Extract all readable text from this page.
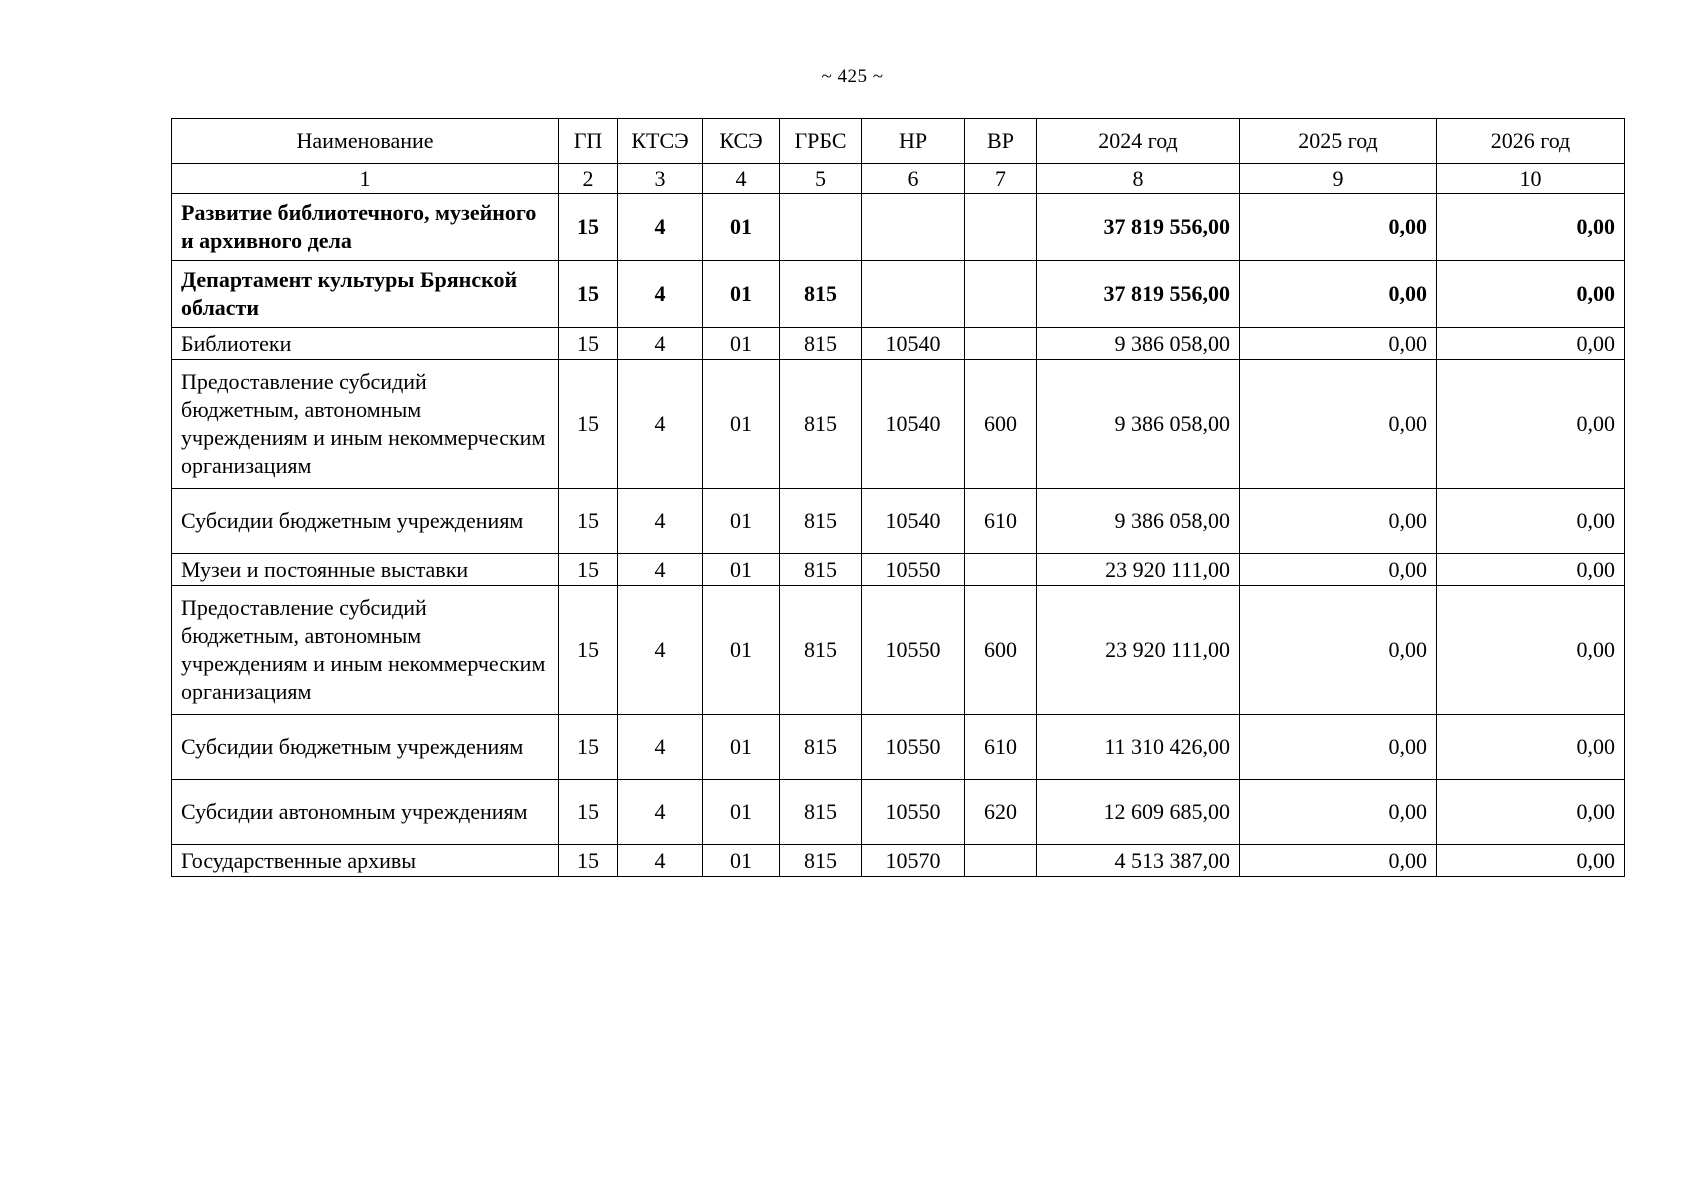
~ 425 ~
Наименование	ГП	КТСЭ	КСЭ	ГРБС	НР	ВР	2024 год	2025 год	2026 год
1	2	3	4	5	6	7	8	9	10
Развитие библиотечного, музейного и архивного дела	15	4	01				37 819 556,00	0,00	0,00
Департамент культуры Брянской области	15	4	01	815			37 819 556,00	0,00	0,00
Библиотеки	15	4	01	815	10540		9 386 058,00	0,00	0,00
Предоставление субсидий бюджетным, автономным учреждениям и иным некоммерческим организациям	15	4	01	815	10540	600	9 386 058,00	0,00	0,00
Субсидии бюджетным учреждениям	15	4	01	815	10540	610	9 386 058,00	0,00	0,00
Музеи и постоянные выставки	15	4	01	815	10550		23 920 111,00	0,00	0,00
Предоставление субсидий бюджетным, автономным учреждениям и иным некоммерческим организациям	15	4	01	815	10550	600	23 920 111,00	0,00	0,00
Субсидии бюджетным учреждениям	15	4	01	815	10550	610	11 310 426,00	0,00	0,00
Субсидии автономным учреждениям	15	4	01	815	10550	620	12 609 685,00	0,00	0,00
Государственные архивы	15	4	01	815	10570		4 513 387,00	0,00	0,00
